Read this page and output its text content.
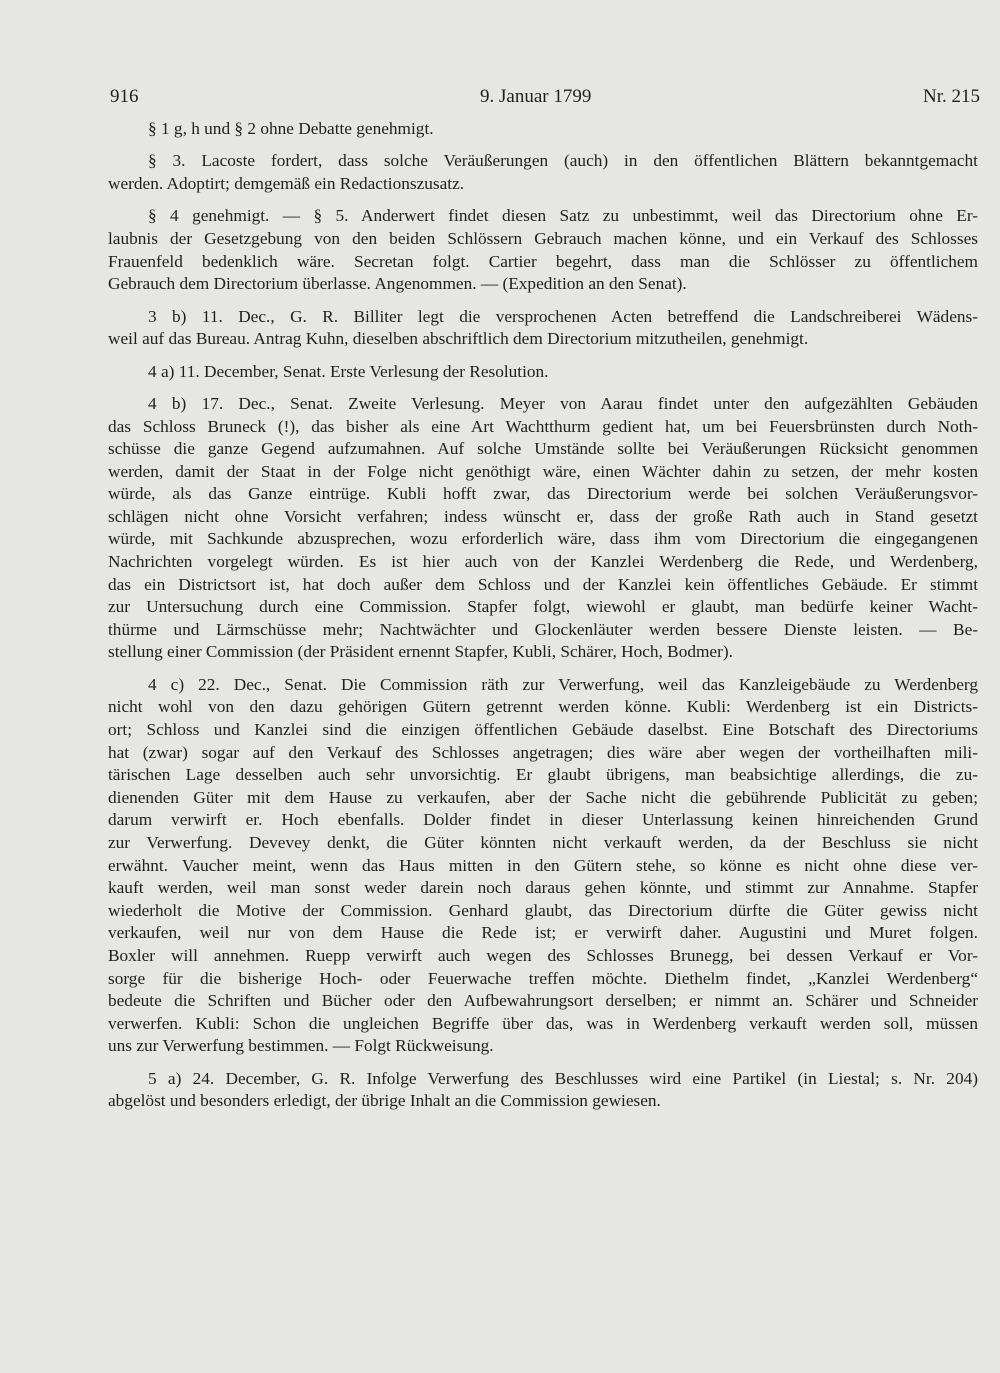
916	9. Januar 1799	Nr. 215

§ 1 g, h und § 2 ohne Debatte genehmigt.

§ 3. Lacoste fordert, dass solche Veräußerungen (auch) in den öffentlichen Blättern bekanntgemacht
werden. Adoptirt; demgemäß ein Redactionszusatz.

§ 4 genehmigt. — § 5. Anderwert findet diesen Satz zu unbestimmt, weil das Directorium ohne Er-
laubnis der Gesetzgebung von den beiden Schlössern Gebrauch machen könne, und ein Verkauf des Schlosses
Frauenfeld bedenklich wäre. Secretan folgt. Cartier begehrt, dass man die Schlösser zu öffentlichem
Gebrauch dem Directorium überlasse. Angenommen. — (Expedition an den Senat).

3 b) 11. Dec., G. R. Billiter legt die versprochenen Acten betreffend die Landschreiberei Wädens-
weil auf das Bureau. Antrag Kuhn, dieselben abschriftlich dem Directorium mitzutheilen, genehmigt.

4 a) 11. December, Senat. Erste Verlesung der Resolution.

4 b) 17. Dec., Senat. Zweite Verlesung. Meyer von Aarau findet unter den aufgezählten Gebäuden
das Schloss Bruneck (!), das bisher als eine Art Wachtthurm gedient hat, um bei Feuersbrünsten durch Noth-
schüsse die ganze Gegend aufzumahnen. Auf solche Umstände sollte bei Veräußerungen Rücksicht genommen
werden, damit der Staat in der Folge nicht genöthigt wäre, einen Wächter dahin zu setzen, der mehr kosten
würde, als das Ganze eintrüge. Kubli hofft zwar, das Directorium werde bei solchen Veräußerungsvor-
schlägen nicht ohne Vorsicht verfahren; indess wünscht er, dass der große Rath auch in Stand gesetzt
würde, mit Sachkunde abzusprechen, wozu erforderlich wäre, dass ihm vom Directorium die eingegangenen
Nachrichten vorgelegt würden. Es ist hier auch von der Kanzlei Werdenberg die Rede, und Werdenberg,
das ein Districtsort ist, hat doch außer dem Schloss und der Kanzlei kein öffentliches Gebäude. Er stimmt
zur Untersuchung durch eine Commission. Stapfer folgt, wiewohl er glaubt, man bedürfe keiner Wacht-
thürme und Lärmschüsse mehr; Nachtwächter und Glockenläuter werden bessere Dienste leisten. — Be-
stellung einer Commission (der Präsident ernennt Stapfer, Kubli, Schärer, Hoch, Bodmer).

4 c) 22. Dec., Senat. Die Commission räth zur Verwerfung, weil das Kanzleigebäude zu Werdenberg
nicht wohl von den dazu gehörigen Gütern getrennt werden könne. Kubli: Werdenberg ist ein Districts-
ort; Schloss und Kanzlei sind die einzigen öffentlichen Gebäude daselbst. Eine Botschaft des Directoriums
hat (zwar) sogar auf den Verkauf des Schlosses angetragen; dies wäre aber wegen der vortheilhaften mili-
tärischen Lage desselben auch sehr unvorsichtig. Er glaubt übrigens, man beabsichtige allerdings, die zu-
dienenden Güter mit dem Hause zu verkaufen, aber der Sache nicht die gebührende Publicität zu geben;
darum verwirft er. Hoch ebenfalls. Dolder findet in dieser Unterlassung keinen hinreichenden Grund
zur Verwerfung. Devevey denkt, die Güter könnten nicht verkauft werden, da der Beschluss sie nicht
erwähnt. Vaucher meint, wenn das Haus mitten in den Gütern stehe, so könne es nicht ohne diese ver-
kauft werden, weil man sonst weder darein noch daraus gehen könnte, und stimmt zur Annahme. Stapfer
wiederholt die Motive der Commission. Genhard glaubt, das Directorium dürfte die Güter gewiss nicht
verkaufen, weil nur von dem Hause die Rede ist; er verwirft daher. Augustini und Muret folgen.
Boxler will annehmen. Ruepp verwirft auch wegen des Schlosses Brunegg, bei dessen Verkauf er Vor-
sorge für die bisherige Hoch- oder Feuerwache treffen möchte. Diethelm findet, „Kanzlei Werdenberg“
bedeute die Schriften und Bücher oder den Aufbewahrungsort derselben; er nimmt an. Schärer und Schneider
verwerfen. Kubli: Schon die ungleichen Begriffe über das, was in Werdenberg verkauft werden soll, müssen
uns zur Verwerfung bestimmen. — Folgt Rückweisung.

5 a) 24. December, G. R. Infolge Verwerfung des Beschlusses wird eine Partikel (in Liestal; s. Nr. 204)
abgelöst und besonders erledigt, der übrige Inhalt an die Commission gewiesen.
